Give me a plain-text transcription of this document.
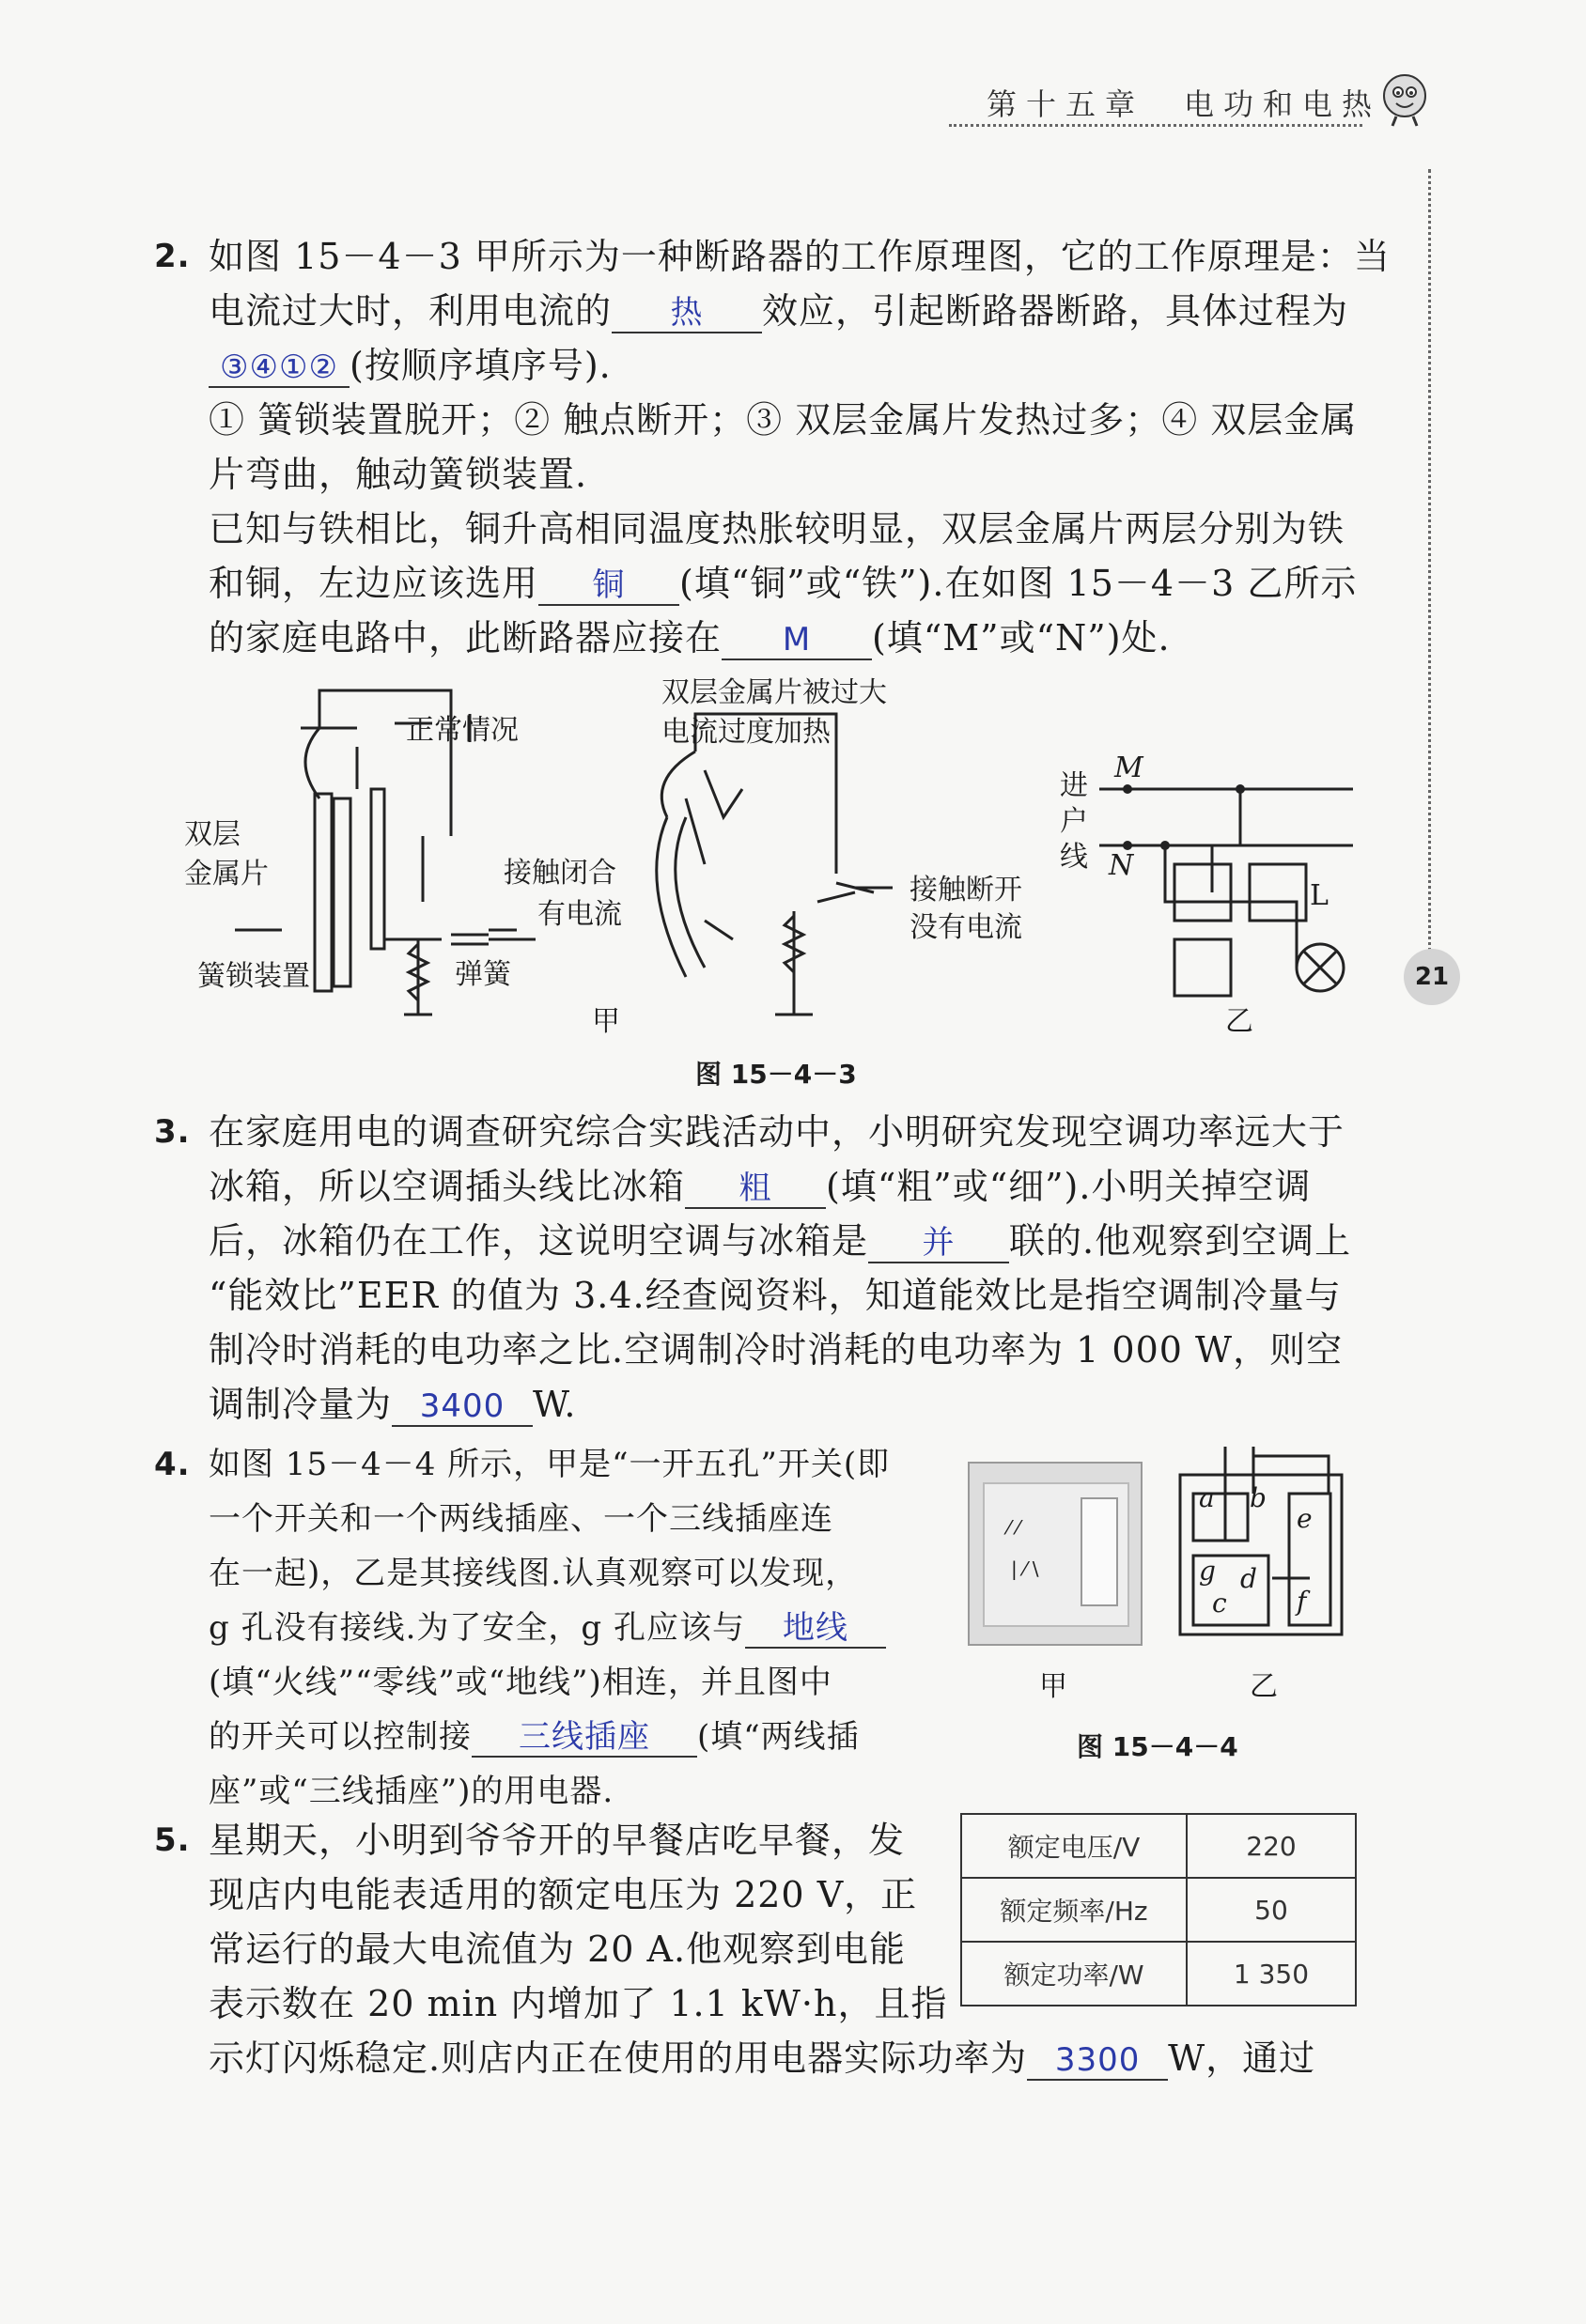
第十五章　电功和电热
21
2. 如图 15－4－3 甲所示为一种断路器的工作原理图，它的工作原理是：当
电流过大时，利用电流的 热 效应，引起断路器断路，具体过程为
③④①② (按顺序填序号).
① 簧锁装置脱开；② 触点断开；③ 双层金属片发热过多；④ 双层金属
片弯曲，触动簧锁装置.
已知与铁相比，铜升高相同温度热胀较明显，双层金属片两层分别为铁
和铜，左边应该选用 铜 (填“铜”或“铁”).在如图 15－4－3 乙所示
的家庭电路中，此断路器应接在 M (填“M”或“N”)处.
正常情况
双层
金属片
簧锁装置	弹簧
接触闭合
有电流
双层金属片被过大
电流过度加热
接触断开
没有电流
甲	乙
进
户
线
M
N
L
图 15－4－3
3. 在家庭用电的调查研究综合实践活动中，小明研究发现空调功率远大于
冰箱，所以空调插头线比冰箱 粗 (填“粗”或“细”).小明关掉空调
后，冰箱仍在工作，这说明空调与冰箱是 并 联的.他观察到空调上
“能效比”EER 的值为 3.4.经查阅资料，知道能效比是指空调制冷量与
制冷时消耗的电功率之比.空调制冷时消耗的电功率为 1 000 W，则空
调制冷量为 3400 W.
4. 如图 15－4－4 所示，甲是“一开五孔”开关(即
一个开关和一个两线插座、一个三线插座连
在一起)，乙是其接线图.认真观察可以发现，
g 孔没有接线.为了安全，g 孔应该与 地线
(填“火线”“零线”或“地线”)相连，并且图中
的开关可以控制接 三线插座 (填“两线插
座”或“三线插座”)的用电器.
⁄ ⁄
| ⁄ \
a b
g
c
d
e
f
甲	乙
图 15－4－4
5. 星期天，小明到爷爷开的早餐店吃早餐，发
现店内电能表适用的额定电压为 220 V，正
常运行的最大电流值为 20 A.他观察到电能
表示数在 20 min 内增加了 1.1 kW·h，且指
示灯闪烁稳定.则店内正在使用的用电器实际功率为 3300 W，通过
额定电压/V	220
额定频率/Hz	50
额定功率/W	1 350
